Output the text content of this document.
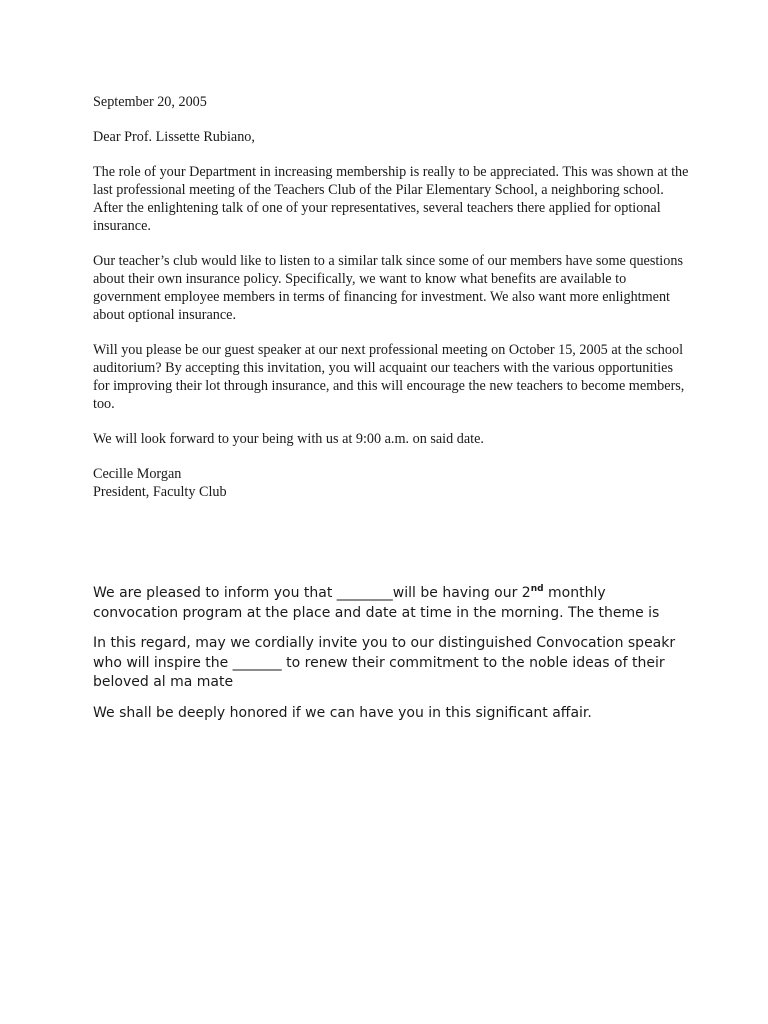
September 20, 2005

Dear Prof. Lissette Rubiano,

The role of your Department in increasing membership is really to be appreciated. This was shown at the last professional meeting of the Teachers Club of the Pilar Elementary School, a neighboring school. After the enlightening talk of one of your representatives, several teachers there applied for optional insurance.

Our teacher’s club would like to listen to a similar talk since some of our members have some questions about their own insurance policy. Specifically, we want to know what benefits are available to government employee members in terms of financing for investment. We also want more enlightment about optional insurance.

Will you please be our guest speaker at our next professional meeting on October 15, 2005 at the school auditorium? By accepting this invitation, you will acquaint our teachers with the various opportunities for improving their lot through insurance, and this will encourage the new teachers to become members, too.

We will look forward to your being with us at 9:00 a.m. on said date.

Cecille Morgan

President, Faculty Club

We are pleased to inform you that ________will be having our 2nd monthly convocation program at the place and date at time in the morning. The theme is

In this regard, may we cordially invite you to our distinguished Convocation speakr who will inspire the _______ to renew their commitment to the noble ideas of their beloved al ma mate

We shall be deeply honored if we can have you in this significant affair.
